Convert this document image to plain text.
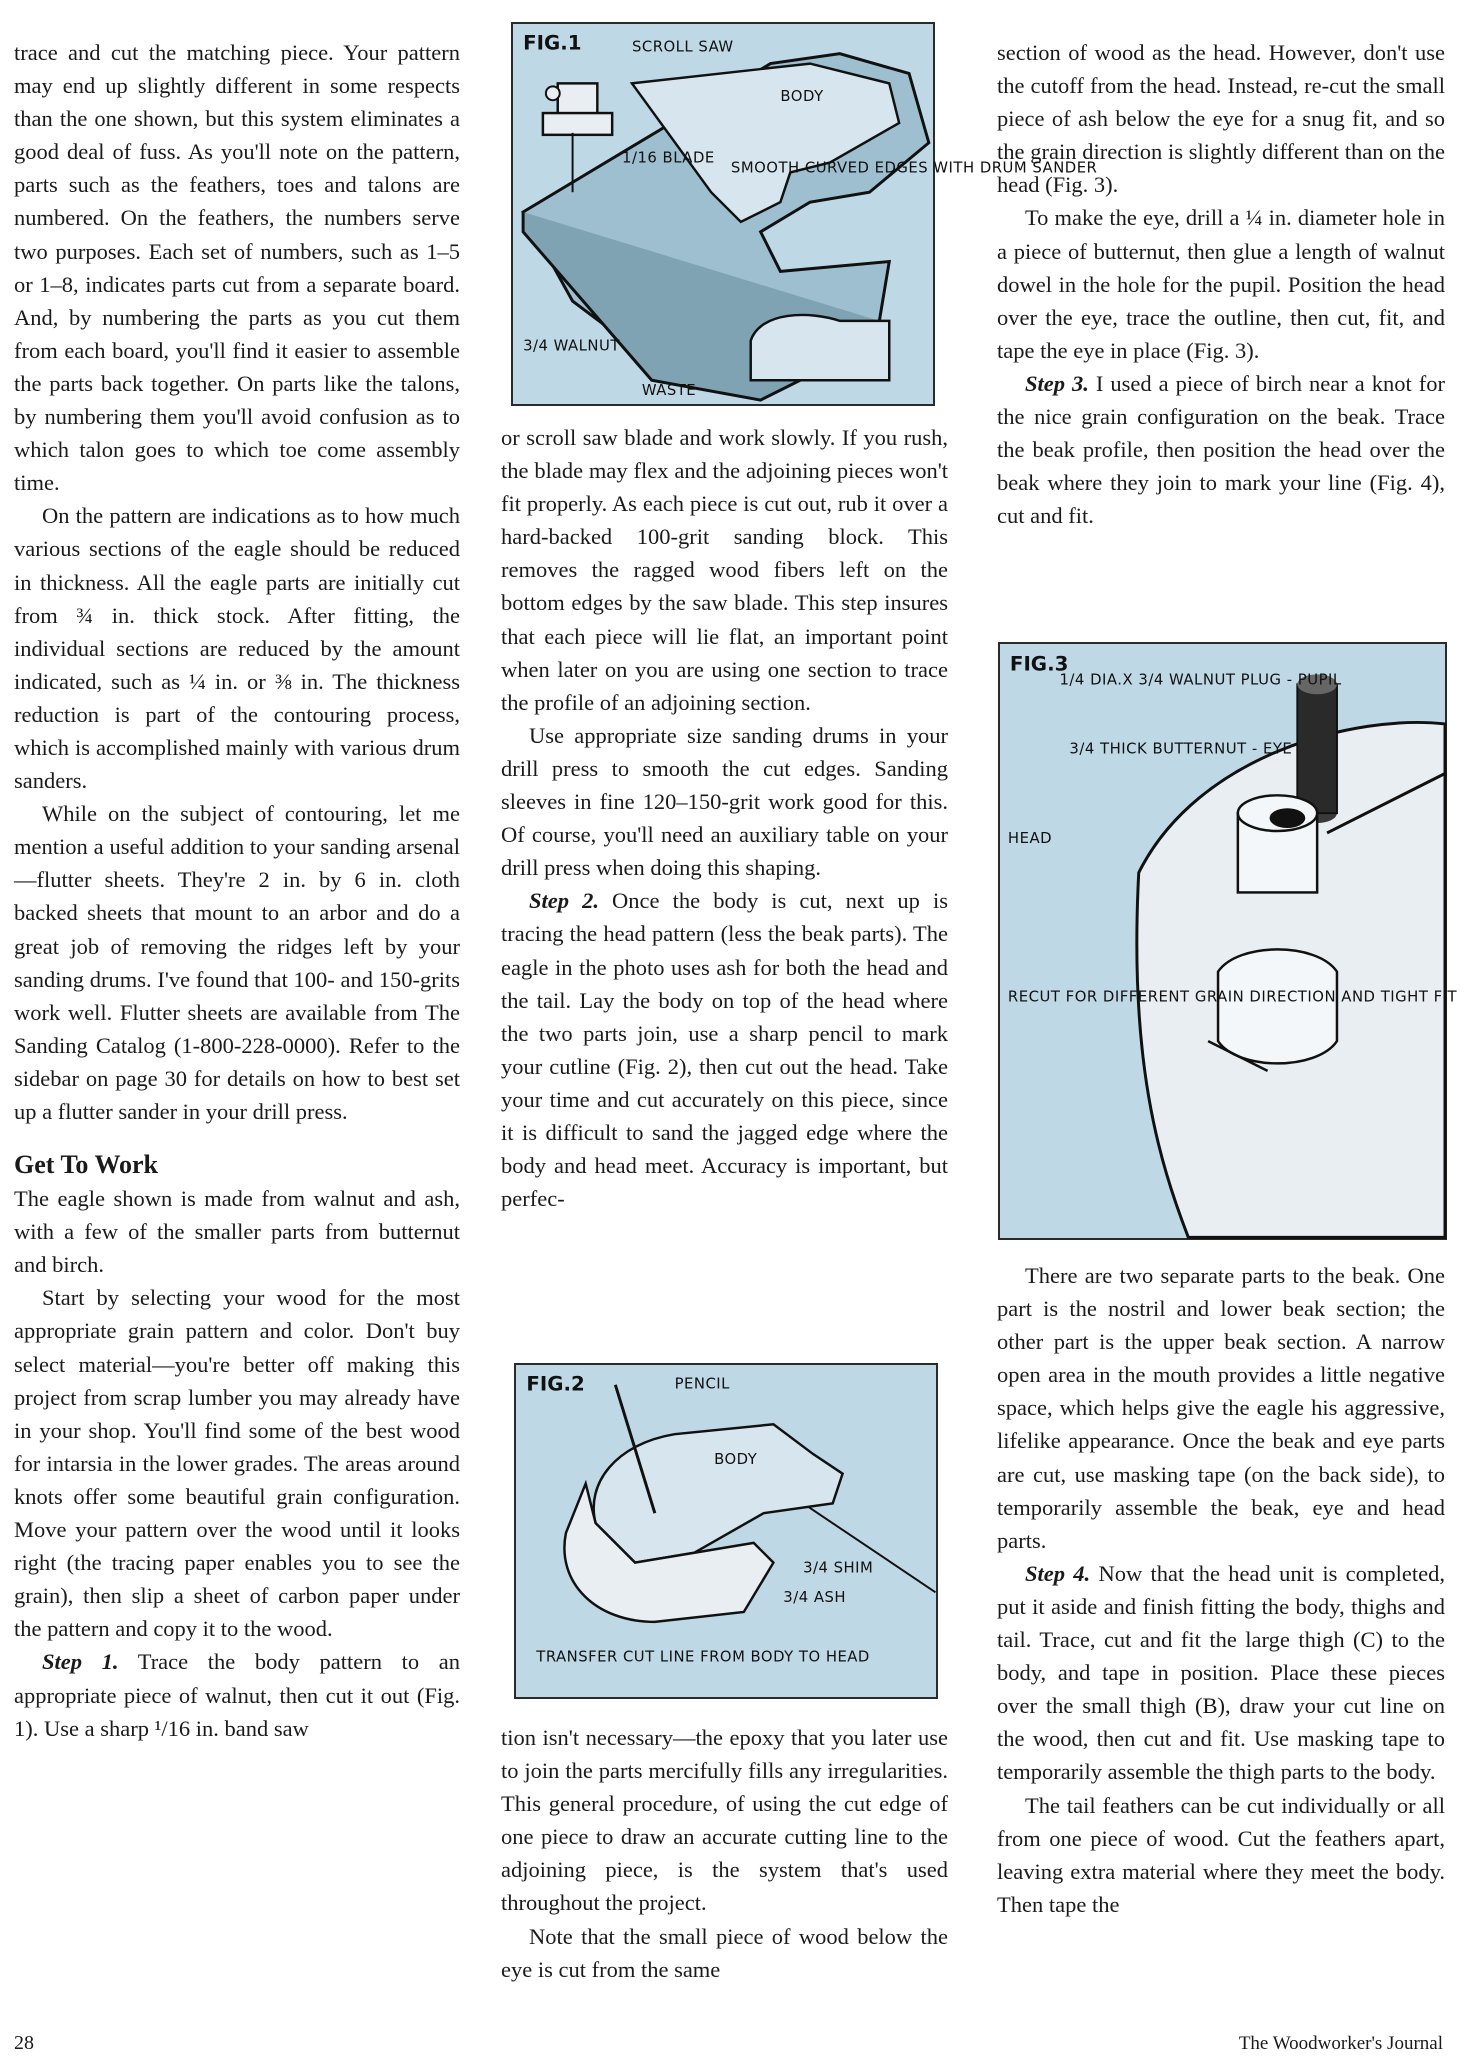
trace and cut the matching piece. Your pattern may end up slightly different in some respects than the one shown, but this system eliminates a good deal of fuss. As you'll note on the pattern, parts such as the feathers, toes and talons are numbered. On the feathers, the numbers serve two purposes. Each set of numbers, such as 1–5 or 1–8, indicates parts cut from a separate board. And, by numbering the parts as you cut them from each board, you'll find it easier to assemble the parts back together. On parts like the talons, by numbering them you'll avoid confusion as to which talon goes to which toe come assembly time.

On the pattern are indications as to how much various sections of the eagle should be reduced in thickness. All the eagle parts are initially cut from ¾ in. thick stock. After fitting, the individual sections are reduced by the amount indicated, such as ¼ in. or ⅜ in. The thickness reduction is part of the contouring process, which is accomplished mainly with various drum sanders.

While on the subject of contouring, let me mention a useful addition to your sanding arsenal—flutter sheets. They're 2 in. by 6 in. cloth backed sheets that mount to an arbor and do a great job of removing the ridges left by your sanding drums. I've found that 100- and 150-grits work well. Flutter sheets are available from The Sanding Catalog (1-800-228-0000). Refer to the sidebar on page 30 for details on how to best set up a flutter sander in your drill press.

Get To Work

The eagle shown is made from walnut and ash, with a few of the smaller parts from butternut and birch.

Start by selecting your wood for the most appropriate grain pattern and color. Don't buy select material—you're better off making this project from scrap lumber you may already have in your shop. You'll find some of the best wood for intarsia in the lower grades. The areas around knots offer some beautiful grain configuration. Move your pattern over the wood until it looks right (the tracing paper enables you to see the grain), then slip a sheet of carbon paper under the pattern and copy it to the wood.

Step 1. Trace the body pattern to an appropriate piece of walnut, then cut it out (Fig. 1). Use a sharp ¹/16 in. band saw

FIG.1	SCROLL SAW
BODY
1/16 BLADE
SMOOTH CURVED EDGES WITH DRUM SANDER
3/4 WALNUT
WASTE

or scroll saw blade and work slowly. If you rush, the blade may flex and the adjoining pieces won't fit properly. As each piece is cut out, rub it over a hard-backed 100-grit sanding block. This removes the ragged wood fibers left on the bottom edges by the saw blade. This step insures that each piece will lie flat, an important point when later on you are using one section to trace the profile of an adjoining section.

Use appropriate size sanding drums in your drill press to smooth the cut edges. Sanding sleeves in fine 120–150-grit work good for this. Of course, you'll need an auxiliary table on your drill press when doing this shaping.

Step 2. Once the body is cut, next up is tracing the head pattern (less the beak parts). The eagle in the photo uses ash for both the head and the tail. Lay the body on top of the head where the two parts join, use a sharp pencil to mark your cutline (Fig. 2), then cut out the head. Take your time and cut accurately on this piece, since it is difficult to sand the jagged edge where the body and head meet. Accuracy is important, but perfec-

FIG.2	PENCIL
BODY
3/4 SHIM
3/4 ASH
TRANSFER CUT LINE FROM BODY TO HEAD

tion isn't necessary—the epoxy that you later use to join the parts mercifully fills any irregularities. This general procedure, of using the cut edge of one piece to draw an accurate cutting line to the adjoining piece, is the system that's used throughout the project.

Note that the small piece of wood below the eye is cut from the same

section of wood as the head. However, don't use the cutoff from the head. Instead, re-cut the small piece of ash below the eye for a snug fit, and so the grain direction is slightly different than on the head (Fig. 3).

To make the eye, drill a ¼ in. diameter hole in a piece of butternut, then glue a length of walnut dowel in the hole for the pupil. Position the head over the eye, trace the outline, then cut, fit, and tape the eye in place (Fig. 3).

Step 3. I used a piece of birch near a knot for the nice grain configuration on the beak. Trace the beak profile, then position the head over the beak where they join to mark your line (Fig. 4), cut and fit.

FIG.3
1/4 DIA.X 3/4 WALNUT PLUG - PUPIL
3/4 THICK BUTTERNUT - EYE
HEAD
RECUT FOR DIFFERENT GRAIN DIRECTION AND TIGHT FIT

There are two separate parts to the beak. One part is the nostril and lower beak section; the other part is the upper beak section. A narrow open area in the mouth provides a little negative space, which helps give the eagle his aggressive, lifelike appearance. Once the beak and eye parts are cut, use masking tape (on the back side), to temporarily assemble the beak, eye and head parts.

Step 4. Now that the head unit is completed, put it aside and finish fitting the body, thighs and tail. Trace, cut and fit the large thigh (C) to the body, and tape in position. Place these pieces over the small thigh (B), draw your cut line on the wood, then cut and fit. Use masking tape to temporarily assemble the thigh parts to the body.

The tail feathers can be cut individually or all from one piece of wood. Cut the feathers apart, leaving extra material where they meet the body. Then tape the

28	The Woodworker's Journal
